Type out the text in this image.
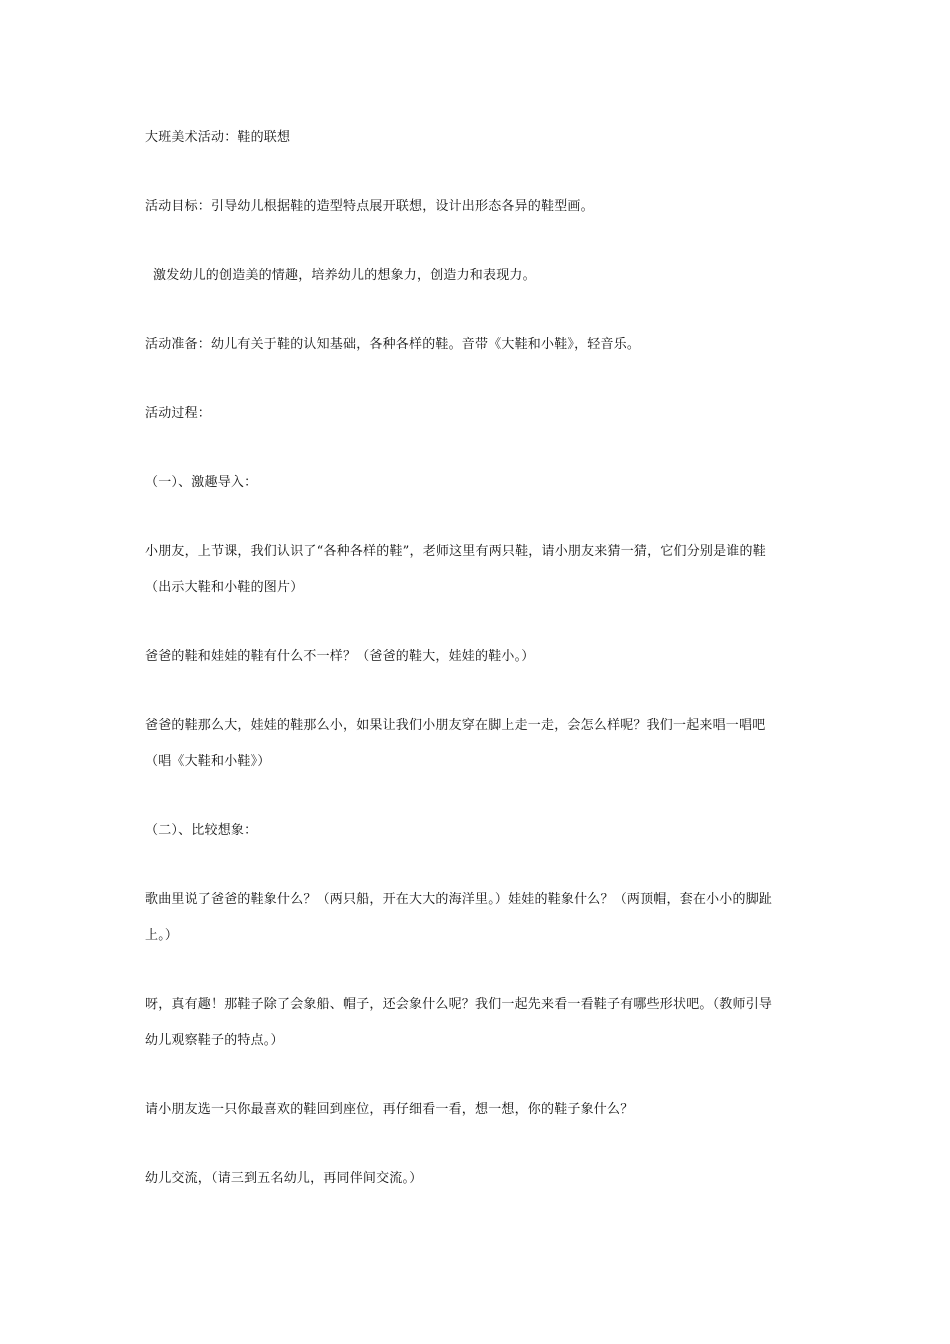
大班美术活动：鞋的联想
活动目标：引导幼儿根据鞋的造型特点展开联想，设计出形态各异的鞋型画。
激发幼儿的创造美的情趣，培养幼儿的想象力，创造力和表现力。
活动准备：幼儿有关于鞋的认知基础，各种各样的鞋。音带《大鞋和小鞋》，轻音乐。
活动过程：
（一）、激趣导入：
小朋友，上节课，我们认识了“各种各样的鞋”，老师这里有两只鞋，请小朋友来猜一猜，它们分别是谁的鞋
（出示大鞋和小鞋的图片）
爸爸的鞋和娃娃的鞋有什么不一样？（爸爸的鞋大，娃娃的鞋小。）
爸爸的鞋那么大，娃娃的鞋那么小，如果让我们小朋友穿在脚上走一走，会怎么样呢？我们一起来唱一唱吧
（唱《大鞋和小鞋》）
（二）、比较想象：
歌曲里说了爸爸的鞋象什么？（两只船，开在大大的海洋里。）娃娃的鞋象什么？（两顶帽，套在小小的脚趾
上。）
呀，真有趣！那鞋子除了会象船、帽子，还会象什么呢？我们一起先来看一看鞋子有哪些形状吧。（教师引导
幼儿观察鞋子的特点。）
请小朋友选一只你最喜欢的鞋回到座位，再仔细看一看，想一想，你的鞋子象什么？
幼儿交流，（请三到五名幼儿，再同伴间交流。）
